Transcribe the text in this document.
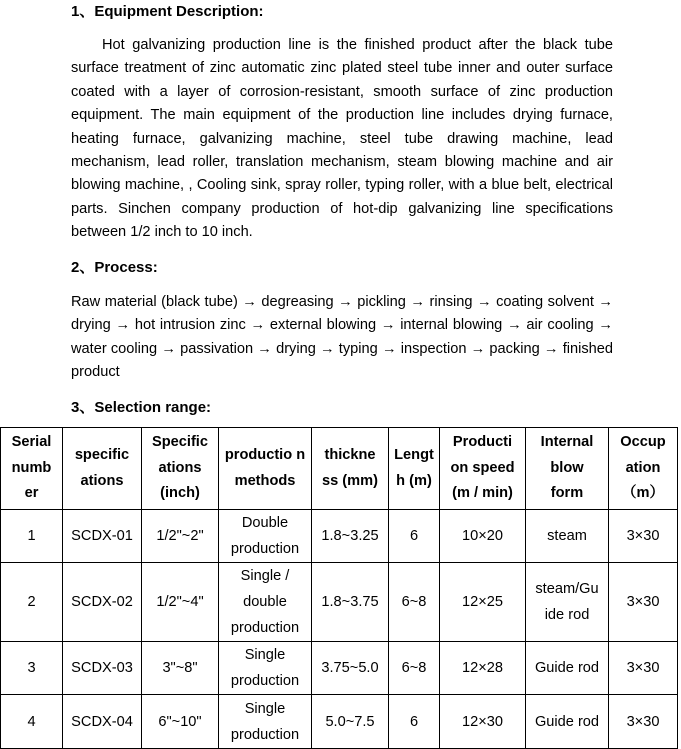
1、Equipment Description:
Hot galvanizing production line is the finished product after the black tube surface treatment of zinc automatic zinc plated steel tube inner and outer surface coated with a layer of corrosion-resistant, smooth surface of zinc production equipment. The main equipment of the production line includes drying furnace, heating furnace, galvanizing machine, steel tube drawing machine, lead mechanism, lead roller, translation mechanism, steam blowing machine and air blowing machine, , Cooling sink, spray roller, typing roller, with a blue belt, electrical parts. Sinchen company production of hot-dip galvanizing line specifications between 1/2 inch to 10 inch.
2、Process:
Raw material (black tube) → degreasing → pickling → rinsing → coating solvent → drying → hot intrusion zinc → external blowing → internal blowing → air cooling → water cooling → passivation → drying → typing → inspection → packing → finished product
3、Selection range:
Serial numb er	specific ations	Specific ations (inch)	productio n methods	thickne ss (mm)	Lengt h (m)	Producti on speed (m / min)	Internal blow form	Occup ation （m）
1	SCDX-01	1/2"~2"	Double production	1.8~3.25	6	10×20	steam	3×30
2	SCDX-02	1/2"~4"	Single / double production	1.8~3.75	6~8	12×25	steam/Gu ide rod	3×30
3	SCDX-03	3"~8"	Single production	3.75~5.0	6~8	12×28	Guide rod	3×30
4	SCDX-04	6"~10"	Single production	5.0~7.5	6	12×30	Guide rod	3×30
